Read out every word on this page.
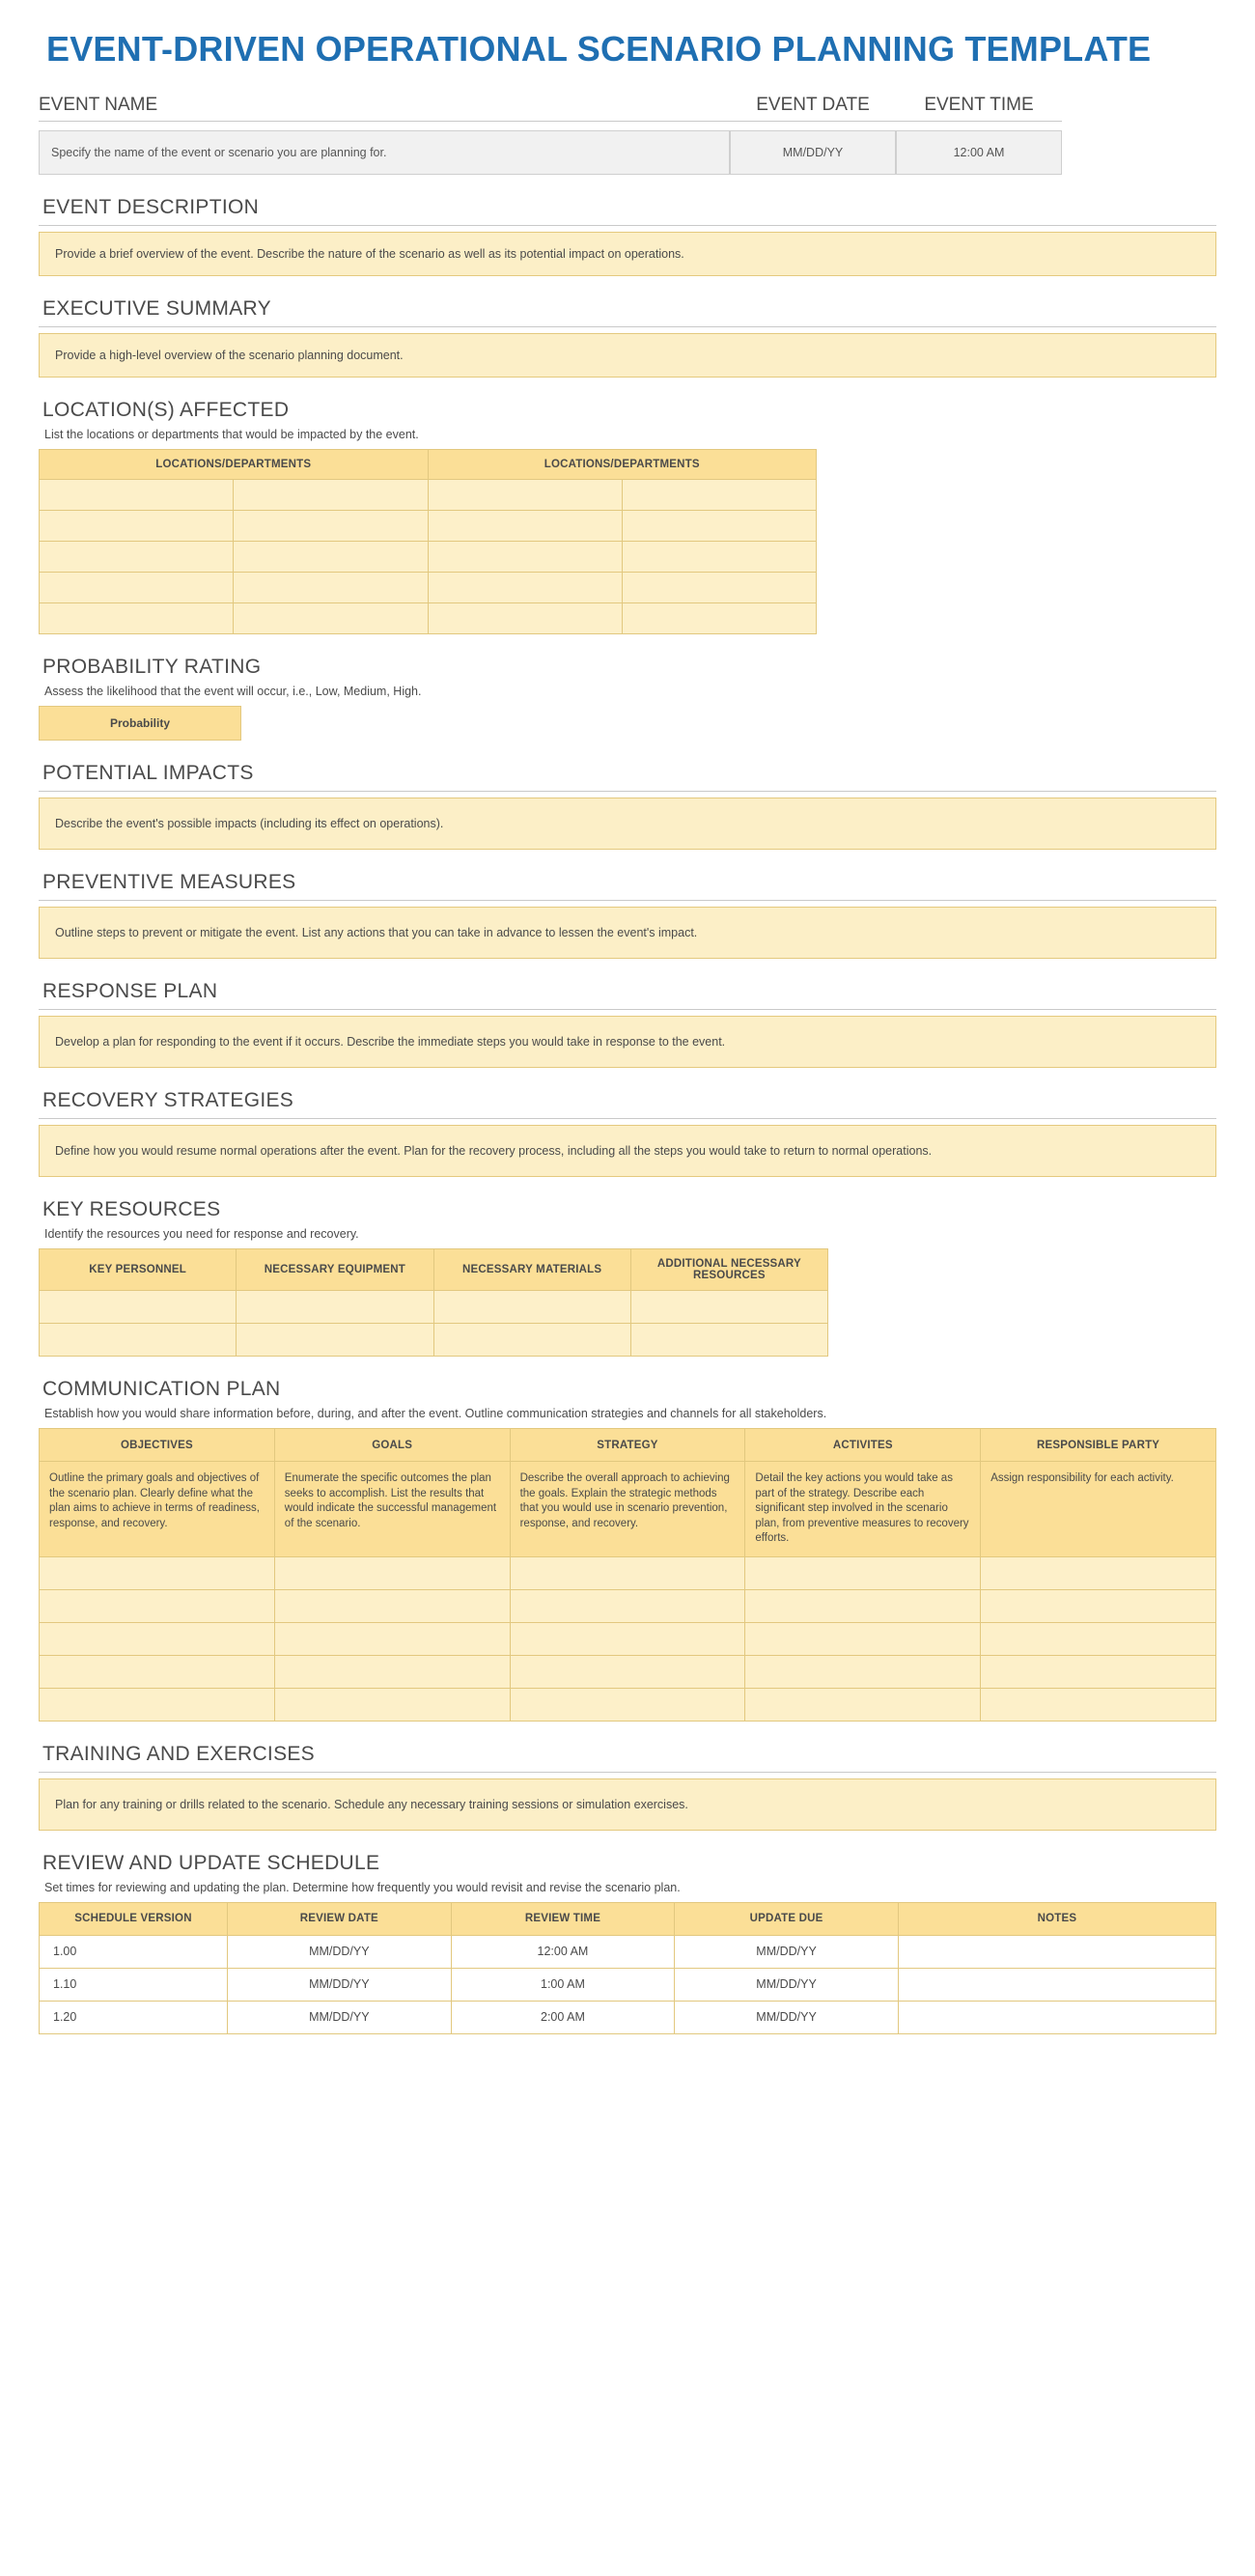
EVENT-DRIVEN OPERATIONAL SCENARIO PLANNING TEMPLATE
EVENT NAME
Specify the name of the event or scenario you are planning for.
EVENT DATE
MM/DD/YY
EVENT TIME
12:00 AM
EVENT DESCRIPTION
Provide a brief overview of the event. Describe the nature of the scenario as well as its potential impact on operations.
EXECUTIVE SUMMARY
Provide a high-level overview of the scenario planning document.
LOCATION(S) AFFECTED
List the locations or departments that would be impacted by the event.
LOCATIONS/DEPARTMENTS		LOCATIONS/DEPARTMENTS	

PROBABILITY RATING
Assess the likelihood that the event will occur, i.e., Low, Medium, High.
Probability
POTENTIAL IMPACTS
Describe the event's possible impacts (including its effect on operations).
PREVENTIVE MEASURES
Outline steps to prevent or mitigate the event. List any actions that you can take in advance to lessen the event's impact.
RESPONSE PLAN
Develop a plan for responding to the event if it occurs. Describe the immediate steps you would take in response to the event.
RECOVERY STRATEGIES
Define how you would resume normal operations after the event. Plan for the recovery process, including all the steps you would take to return to normal operations.
KEY RESOURCES
Identify the resources you need for response and recovery.
KEY PERSONNEL	NECESSARY EQUIPMENT	NECESSARY MATERIALS	ADDITIONAL NECESSARY RESOURCES

COMMUNICATION PLAN
Establish how you would share information before, during, and after the event. Outline communication strategies and channels for all stakeholders.
OBJECTIVES	GOALS	STRATEGY	ACTIVITES	RESPONSIBLE PARTY
Outline the primary goals and objectives of the scenario plan. Clearly define what the plan aims to achieve in terms of readiness, response, and recovery.	Enumerate the specific outcomes the plan seeks to accomplish. List the results that would indicate the successful management of the scenario.	Describe the overall approach to achieving the goals. Explain the strategic methods that you would use in scenario prevention, response, and recovery.	Detail the key actions you would take as part of the strategy. Describe each significant step involved in the scenario plan, from preventive measures to recovery efforts.	Assign responsibility for each activity.

TRAINING AND EXERCISES
Plan for any training or drills related to the scenario. Schedule any necessary training sessions or simulation exercises.
REVIEW AND UPDATE SCHEDULE
Set times for reviewing and updating the plan. Determine how frequently you would revisit and revise the scenario plan.
SCHEDULE VERSION	REVIEW DATE	REVIEW TIME	UPDATE DUE	NOTES
1.00	MM/DD/YY	12:00 AM	MM/DD/YY	
1.10	MM/DD/YY	1:00 AM	MM/DD/YY	
1.20	MM/DD/YY	2:00 AM	MM/DD/YY	
